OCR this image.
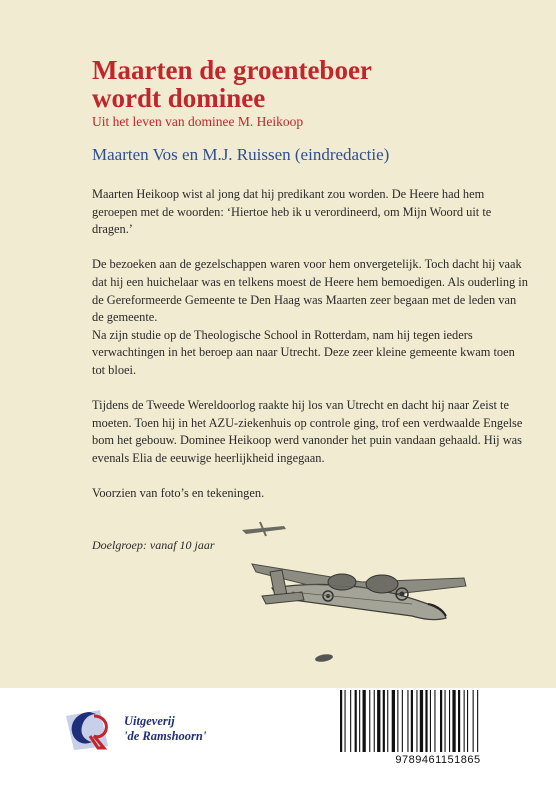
Maarten de groenteboer
wordt dominee
Uit het leven van dominee M. Heikoop
Maarten Vos en M.J. Ruissen (eindredactie)

Maarten Heikoop wist al jong dat hij predikant zou worden. De Heere had hem geroepen met de woorden: ‘Hiertoe heb ik u verordineerd, om Mijn Woord uit te dragen.’

De bezoeken aan de gezelschappen waren voor hem onvergetelijk. Toch dacht hij vaak dat hij een huichelaar was en telkens moest de Heere hem bemoedigen. Als ouderling in de Gereformeerde Gemeente te Den Haag was Maarten zeer begaan met de leden van de gemeente.

Na zijn studie op de Theologische School in Rotterdam, nam hij tegen ieders verwachtingen in het beroep aan naar Utrecht. Deze zeer kleine gemeente kwam toen tot bloei.

Tijdens de Tweede Wereldoorlog raakte hij los van Utrecht en dacht hij naar Zeist te moeten. Toen hij in het AZU-ziekenhuis op controle ging, trof een verdwaalde Engelse bom het gebouw. Dominee Heikoop werd vanonder het puin vandaan gehaald. Hij was evenals Elia de eeuwige heerlijkheid ingegaan.

Voorzien van foto’s en tekeningen.

Doelgroep: vanaf 10 jaar
Uitgeverij
'de Ramshoorn'
9789461151865
